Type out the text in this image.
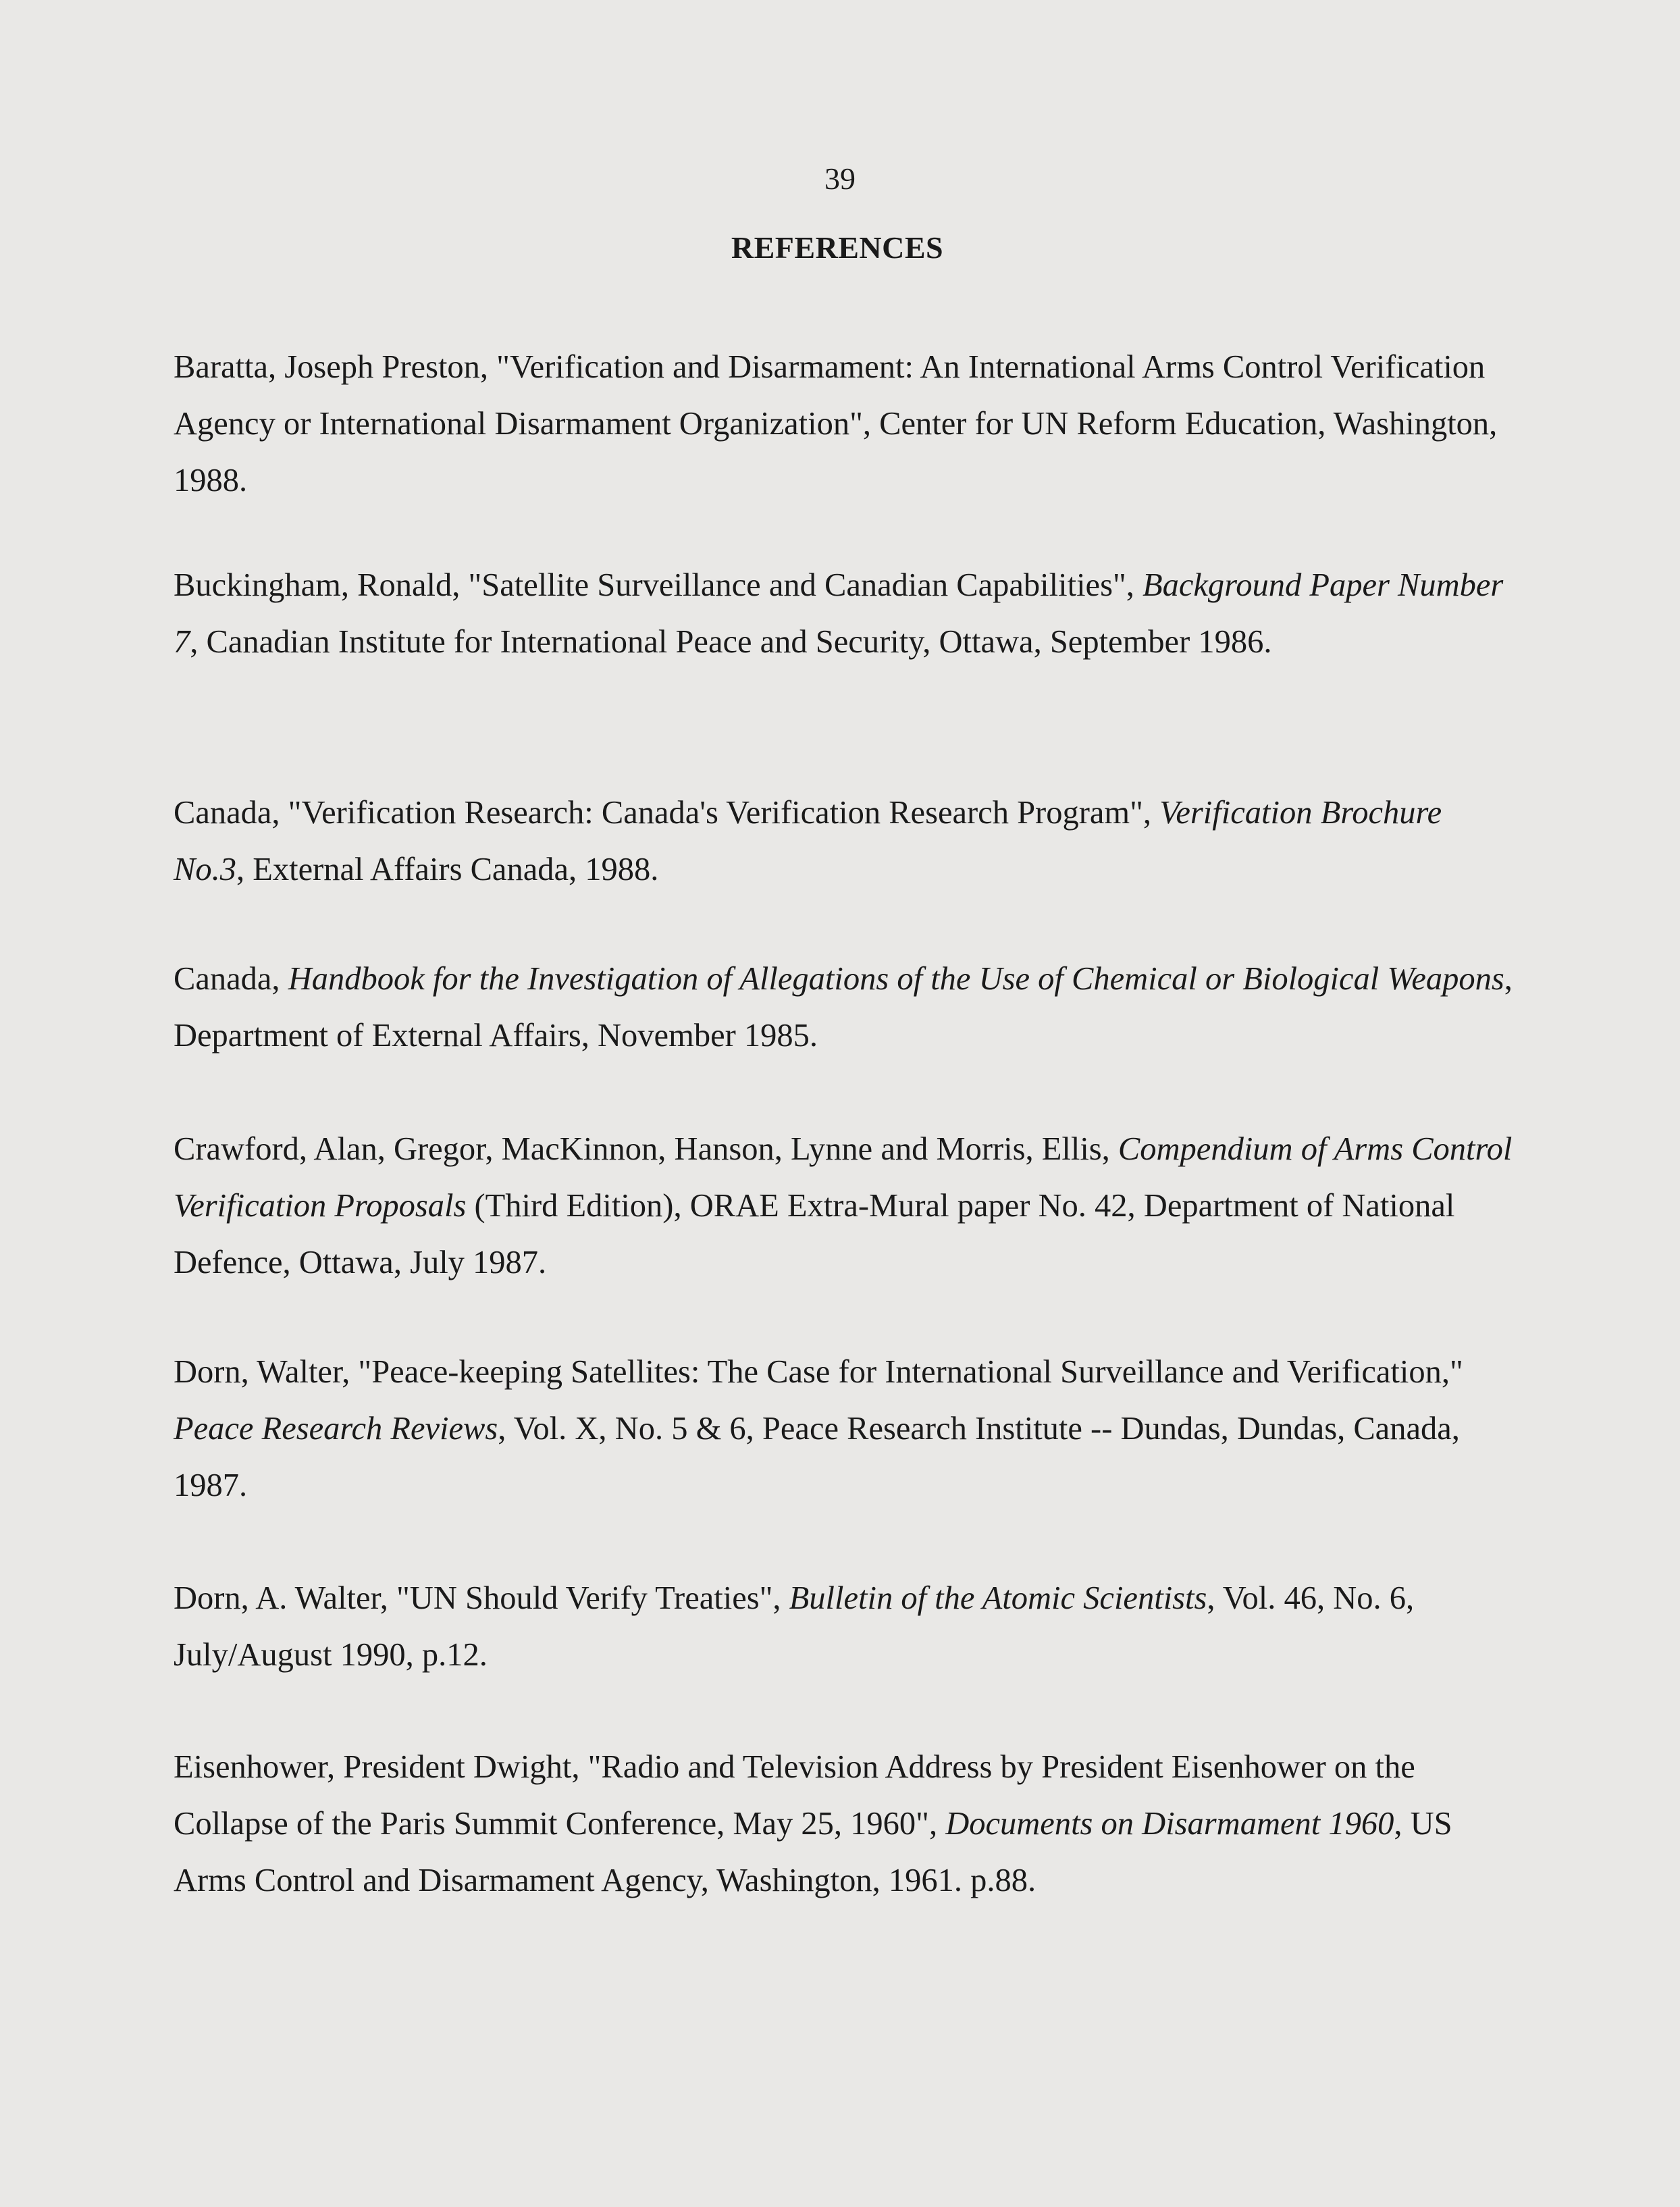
39
REFERENCES

Baratta, Joseph Preston, "Verification and Disarmament: An International Arms Control Verification Agency or International Disarmament Organization", Center for UN Reform Education, Washington, 1988.

Buckingham, Ronald, "Satellite Surveillance and Canadian Capabilities", Background Paper Number 7, Canadian Institute for International Peace and Security, Ottawa, September 1986.

Canada, "Verification Research: Canada's Verification Research Program", Verification Brochure No.3, External Affairs Canada, 1988.

Canada, Handbook for the Investigation of Allegations of the Use of Chemical or Biological Weapons, Department of External Affairs, November 1985.

Crawford, Alan, Gregor, MacKinnon, Hanson, Lynne and Morris, Ellis, Compendium of Arms Control Verification Proposals (Third Edition), ORAE Extra-Mural paper No. 42, Department of National Defence, Ottawa, July 1987.

Dorn, Walter, "Peace-keeping Satellites: The Case for International Surveillance and Verification," Peace Research Reviews, Vol. X, No. 5 & 6, Peace Research Institute -- Dundas, Dundas, Canada, 1987.

Dorn, A. Walter, "UN Should Verify Treaties", Bulletin of the Atomic Scientists, Vol. 46, No. 6, July/August 1990, p.12.

Eisenhower, President Dwight, "Radio and Television Address by President Eisenhower on the Collapse of the Paris Summit Conference, May 25, 1960", Documents on Disarmament 1960, US Arms Control and Disarmament Agency, Washington, 1961. p.88.
